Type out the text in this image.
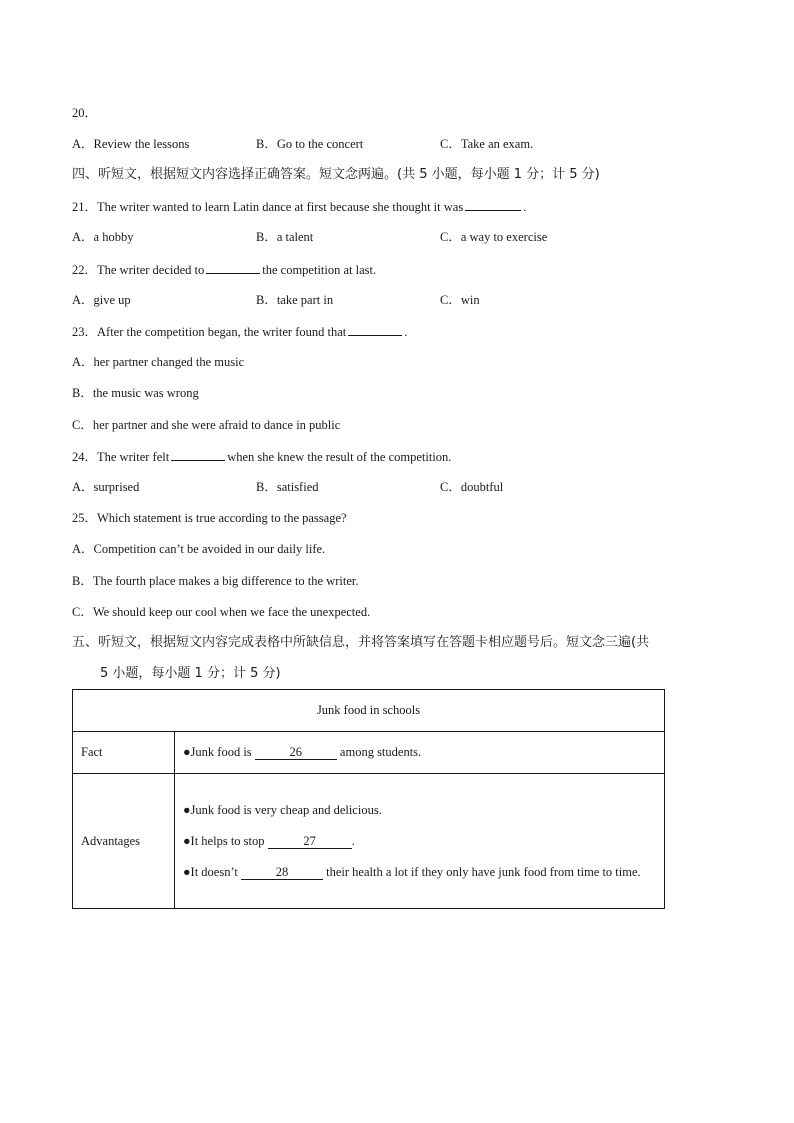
20．
A．Review the lessons	B．Go to the concert	C．Take an exam.
四、听短文，根据短文内容选择正确答案。短文念两遍。(共 5 小题，每小题 1 分；计 5 分)
21．The writer wanted to learn Latin dance at first because she thought it was	.
A．a hobby	B．a talent	C．a way to exercise
22．The writer decided to	the competition at last.
A．give up	B．take part in	C．win
23．After the competition began, the writer found that	.
A．her partner changed the music
B．the music was wrong
C．her partner and she were afraid to dance in public
24．The writer felt	when she knew the result of the competition.
A．surprised	B．satisfied	C．doubtful
25．Which statement is true according to the passage?
A．Competition can’t be avoided in our daily life.
B．The fourth place makes a big difference to the writer.
C．We should keep our cool when we face the unexpected.
五、听短文，根据短文内容完成表格中所缺信息，并将答案填写在答题卡相应题号后。短文念三遍(共
5 小题，每小题 1 分；计 5 分)
Junk food in schools	
Fact	●Junk food is 26 among students.
Advantages	●Junk food is very cheap and delicious.
●It helps to stop 27 .
●It doesn’t 28 their health a lot if they only have junk food from time to time.
